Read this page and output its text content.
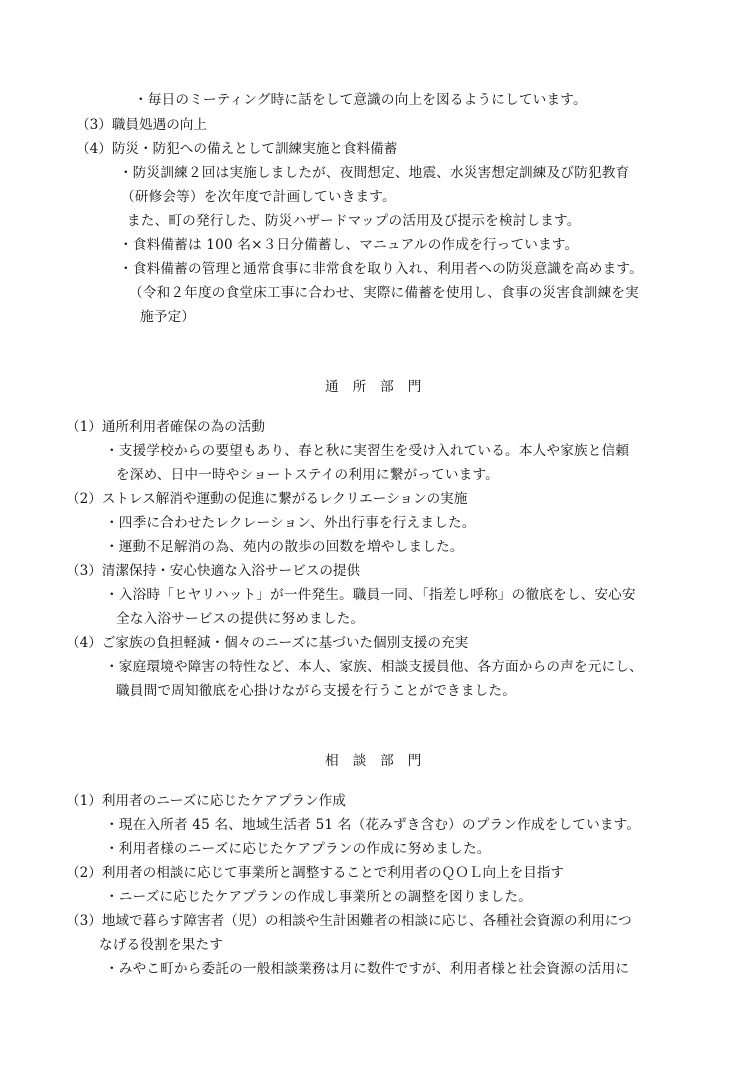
・毎日のミーティング時に話をして意識の向上を図るようにしています。
（3）職員処遇の向上
（4）防災・防犯への備えとして訓練実施と食料備蓄
・防災訓練２回は実施しましたが、夜間想定、地震、水災害想定訓練及び防犯教育
（研修会等）を次年度で計画していきます。
また、町の発行した、防災ハザードマップの活用及び提示を検討します。
・食料備蓄は 100 名×３日分備蓄し、マニュアルの作成を行っています。
・食料備蓄の管理と通常食事に非常食を取り入れ、利用者への防災意識を高めます。
（令和２年度の食堂床工事に合わせ、実際に備蓄を使用し、食事の災害食訓練を実
施予定）
通所部門
（1）通所利用者確保の為の活動
・支援学校からの要望もあり、春と秋に実習生を受け入れている。本人や家族と信頼
を深め、日中一時やショートステイの利用に繋がっています。
（2）ストレス解消や運動の促進に繋がるレクリエーションの実施
・四季に合わせたレクレーション、外出行事を行えました。
・運動不足解消の為、苑内の散歩の回数を増やしました。
（3）清潔保持・安心快適な入浴サービスの提供
・入浴時「ヒヤリハット」が一件発生。職員一同、「指差し呼称」の徹底をし、安心安
全な入浴サービスの提供に努めました。
（4）ご家族の負担軽減・個々のニーズに基づいた個別支援の充実
・家庭環境や障害の特性など、本人、家族、相談支援員他、各方面からの声を元にし、
職員間で周知徹底を心掛けながら支援を行うことができました。
相談部門
（1）利用者のニーズに応じたケアプラン作成
・現在入所者 45 名、地域生活者 51 名（花みずき含む）のプラン作成をしています。
・利用者様のニーズに応じたケアプランの作成に努めました。
（2）利用者の相談に応じて事業所と調整することで利用者のＱＯＬ向上を目指す
・ニーズに応じたケアプランの作成し事業所との調整を図りました。
（3）地域で暮らす障害者（児）の相談や生計困難者の相談に応じ、各種社会資源の利用につ
なげる役割を果たす
・みやこ町から委託の一般相談業務は月に数件ですが、利用者様と社会資源の活用に
